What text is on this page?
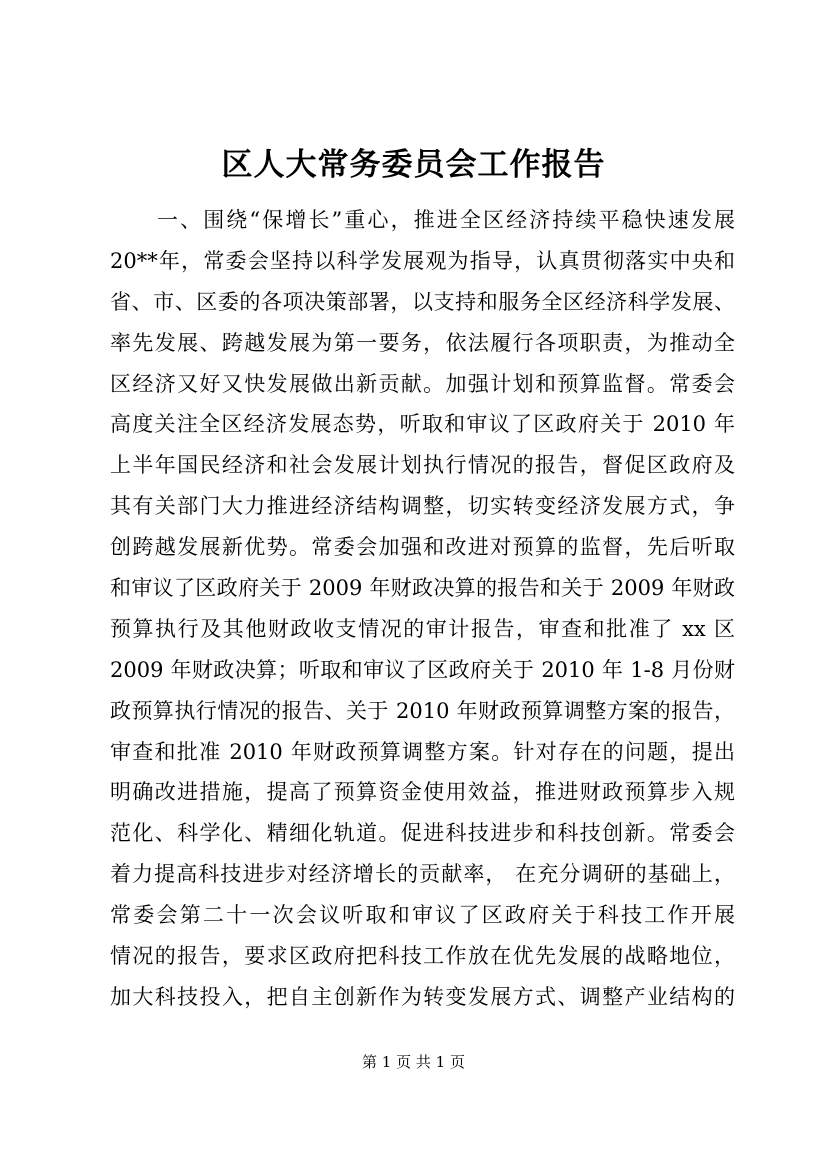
区人大常务委员会工作报告
一、围绕“保增长”重心，推进全区经济持续平稳快速发展
20**年，常委会坚持以科学发展观为指导，认真贯彻落实中央和
省、市、区委的各项决策部署，以支持和服务全区经济科学发展、
率先发展、跨越发展为第一要务，依法履行各项职责，为推动全
区经济又好又快发展做出新贡献。加强计划和预算监督。常委会
高度关注全区经济发展态势，听取和审议了区政府关于 2010 年
上半年国民经济和社会发展计划执行情况的报告，督促区政府及
其有关部门大力推进经济结构调整，切实转变经济发展方式，争
创跨越发展新优势。常委会加强和改进对预算的监督，先后听取
和审议了区政府关于 2009 年财政决算的报告和关于 2009 年财政
预算执行及其他财政收支情况的审计报告，审查和批准了 xx 区
2009 年财政决算；听取和审议了区政府关于 2010 年 1-8 月份财
政预算执行情况的报告、关于 2010 年财政预算调整方案的报告，
审查和批准 2010 年财政预算调整方案。针对存在的问题，提出
明确改进措施，提高了预算资金使用效益，推进财政预算步入规
范化、科学化、精细化轨道。促进科技进步和科技创新。常委会
着力提高科技进步对经济增长的贡献率， 在充分调研的基础上，
常委会第二十一次会议听取和审议了区政府关于科技工作开展
情况的报告，要求区政府把科技工作放在优先发展的战略地位，
加大科技投入，把自主创新作为转变发展方式、调整产业结构的
第 1 页 共 1 页
